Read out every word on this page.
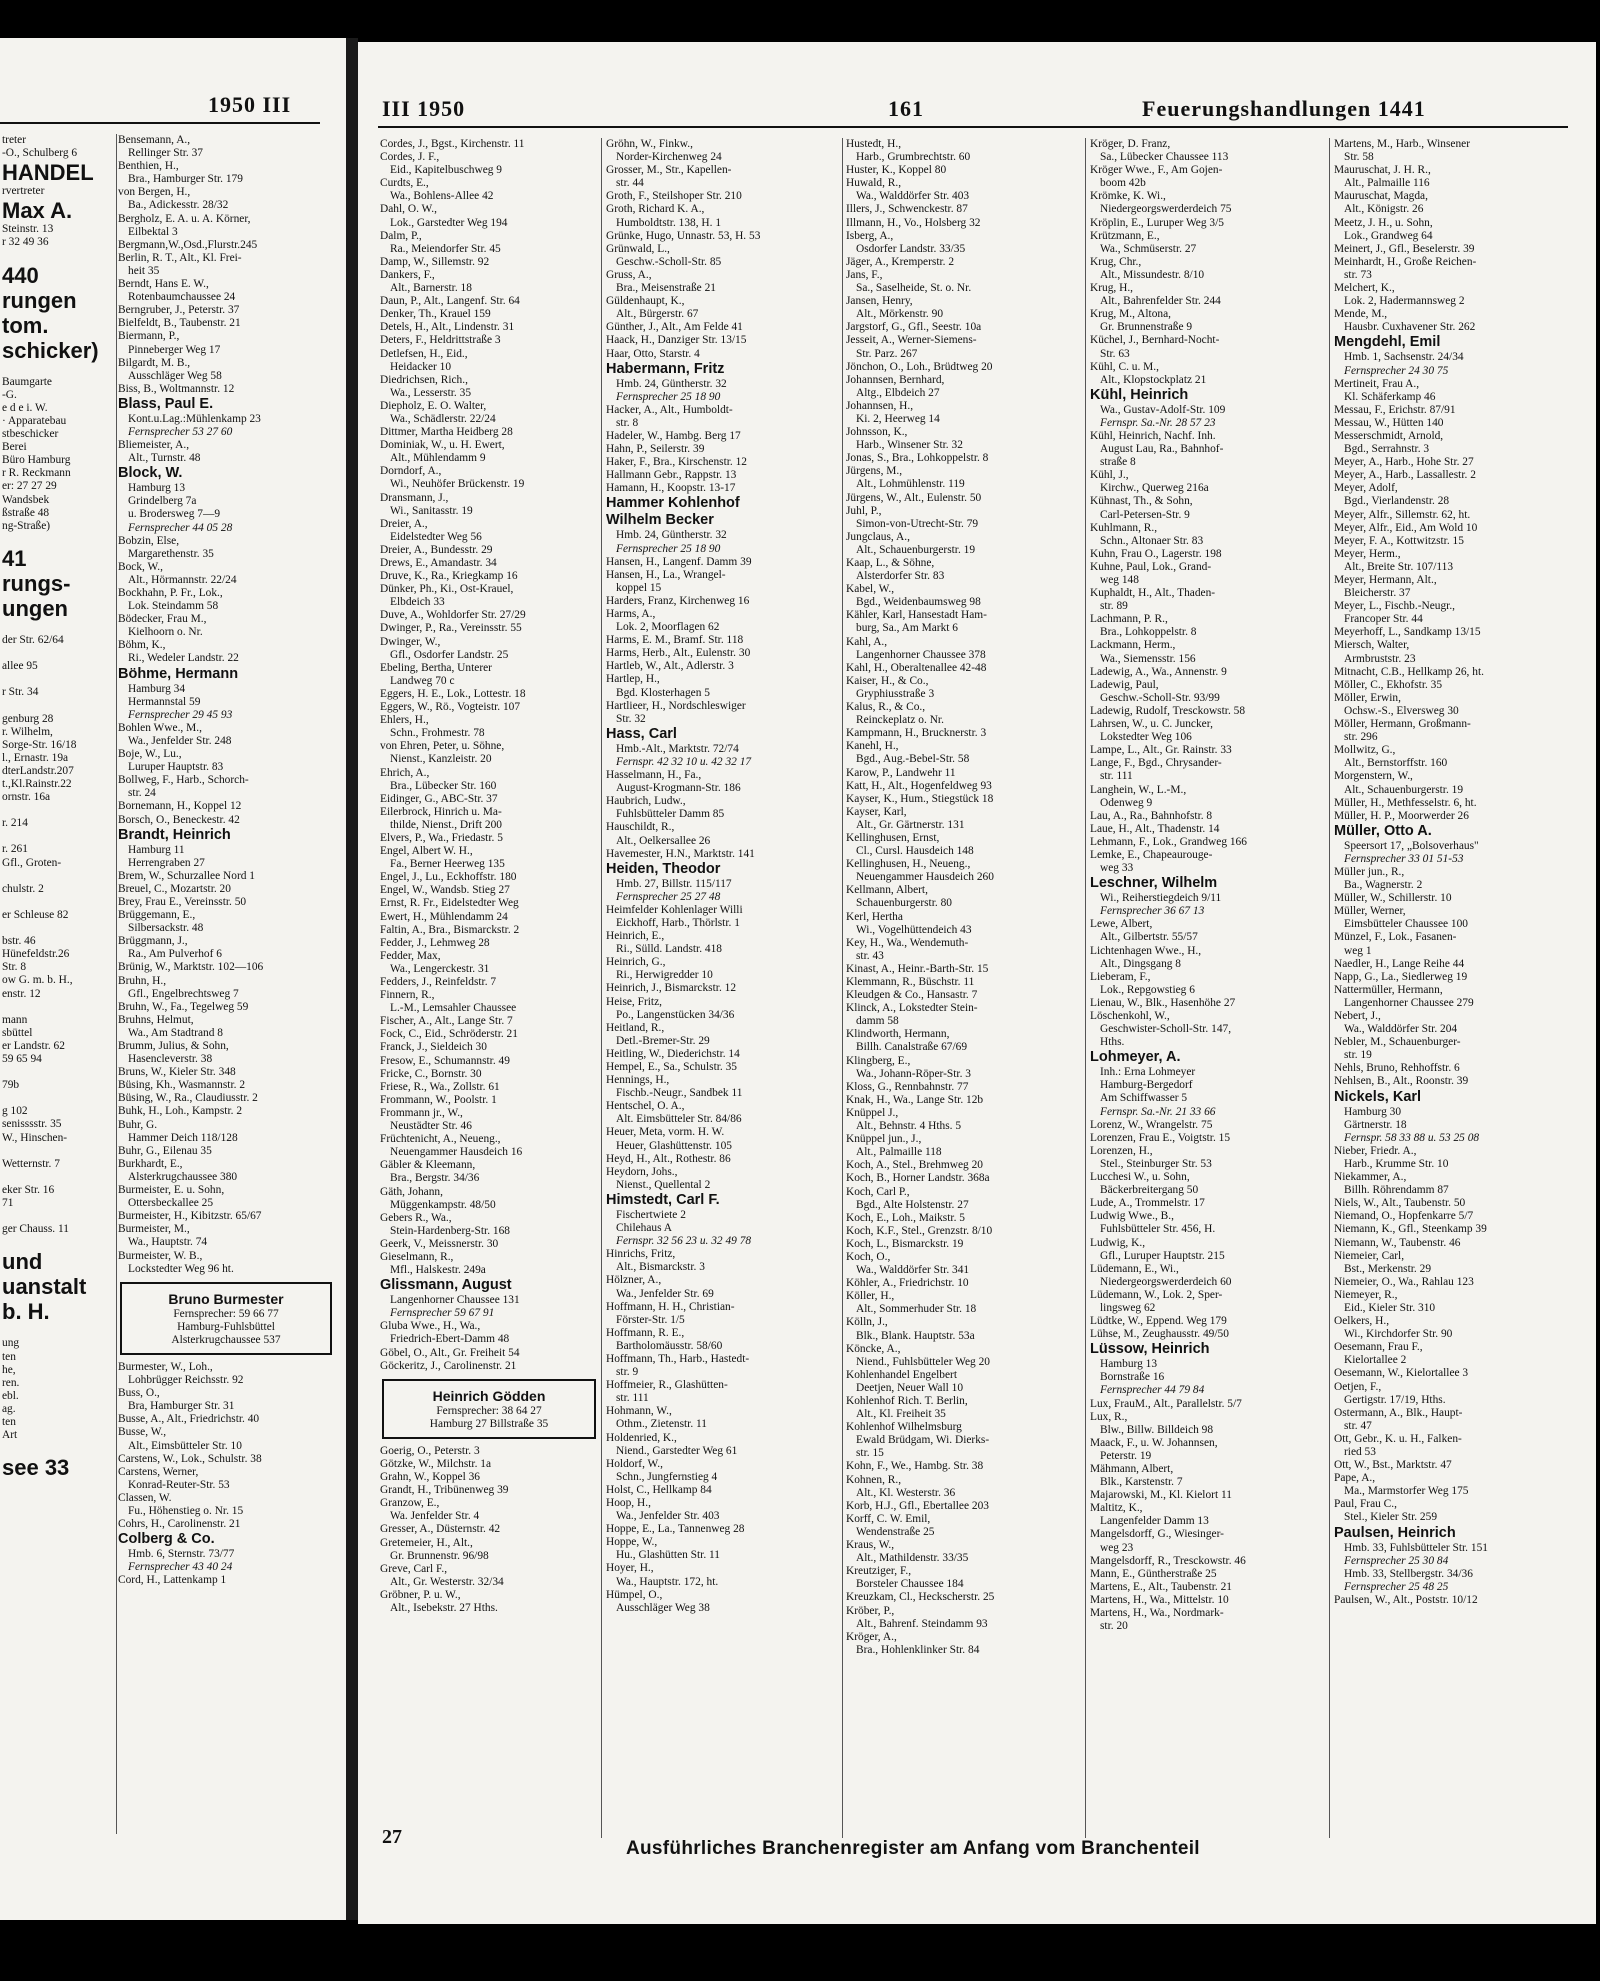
1950 III
treter
-O., Schulberg 6
HANDEL
rvertreter
Max A.
Steinstr. 13
r 32 49 36

440
rungen
tom.
schicker)

Baumgarte
-G.
e d e i. W.
· Apparatebau
stbeschicker
Berei
Büro Hamburg
r R. Reckmann
er: 27 27 29
Wandsbek
ßstraße 48
ng-Straße)

41
rungs-
ungen

der Str. 62/64

allee 95

r Str. 34

genburg 28
r. Wilhelm,
Sorge-Str. 16/18
l., Ernastr. 19a
dterLandstr.207
t.,Kl.Rainstr.22
ornstr. 16a

r. 214

r. 261
Gfl., Groten-

chulstr. 2

er Schleuse 82

bstr. 46
Hünefeldstr.26
Str. 8
ow G. m. b. H.,
enstr. 12

mann
sbüttel
er Landstr. 62
59 65 94

79b

g 102
senisssstr. 35
W., Hinschen-

Wetternstr. 7

eker Str. 16
71

ger Chauss. 11

und
uanstalt
b. H.

ung
ten
he,
ren.
ebl.
ag.
ten
Art

see 33
Bensemann, A.,
Rellinger Str. 37
Benthien, H.,
Bra., Hamburger Str. 179
von Bergen, H.,
Ba., Adickesstr. 28/32
Bergholz, E. A. u. A. Körner,
Eilbektal 3
Bergmann,W.,Osd.,Flurstr.245
Berlin, R. T., Alt., Kl. Frei-
heit 35
Berndt, Hans E. W.,
Rotenbaumchaussee 24
Berngruber, J., Peterstr. 37
Bielfeldt, B., Taubenstr. 21
Biermann, P.,
Pinneberger Weg 17
Bilgardt, M. B.,
Ausschläger Weg 58
Biss, B., Woltmannstr. 12
Blass, Paul E.
Kont.u.Lag.:Mühlenkamp 23
Fernsprecher 53 27 60
Bliemeister, A.,
Alt., Turnstr. 48
Block, W.
Hamburg 13
Grindelberg 7a
u. Brodersweg 7—9
Fernsprecher 44 05 28
Bobzin, Else,
Margarethenstr. 35
Bock, W.,
Alt., Hörmannstr. 22/24
Bockhahn, P. Fr., Lok.,
Lok. Steindamm 58
Bödecker, Frau M.,
Kielhoorn o. Nr.
Böhm, K.,
Ri., Wedeler Landstr. 22
Böhme, Hermann
Hamburg 34
Hermannstal 59
Fernsprecher 29 45 93
Bohlen Wwe., M.,
Wa., Jenfelder Str. 248
Boje, W., Lu.,
Luruper Hauptstr. 83
Bollweg, F., Harb., Schorch-
str. 24
Bornemann, H., Koppel 12
Borsch, O., Beneckestr. 42
Brandt, Heinrich
Hamburg 11
Herrengraben 27
Brem, W., Schurzallee Nord 1
Breuel, C., Mozartstr. 20
Brey, Frau E., Vereinsstr. 50
Brüggemann, E.,
Silbersackstr. 48
Brüggmann, J.,
Ra., Am Pulverhof 6
Brünig, W., Marktstr. 102—106
Bruhn, H.,
Gfl., Engelbrechtsweg 7
Bruhn, W., Fa., Tegelweg 59
Bruhns, Helmut,
Wa., Am Stadtrand 8
Brumm, Julius, & Sohn,
Hasencleverstr. 38
Bruns, W., Kieler Str. 348
Büsing, Kh., Wasmannstr. 2
Büsing, W., Ra., Claudiusstr. 2
Buhk, H., Loh., Kampstr. 2
Buhr, G.
Hammer Deich 118/128
Buhr, G., Eilenau 35
Burkhardt, E.,
Alsterkrugchaussee 380
Burmeister, E. u. Sohn,
Ottersbeckallee 25
Burmeister, H., Kibitzstr. 65/67
Burmeister, M.,
Wa., Hauptstr. 74
Burmeister, W. B.,
Lockstedter Weg 96 ht.
Bruno Burmester
Fernsprecher: 59 66 77
Hamburg-Fuhlsbüttel
Alsterkrugchaussee 537
Burmester, W., Loh.,
Lohbrügger Reichsstr. 92
Buss, O.,
Bra, Hamburger Str. 31
Busse, A., Alt., Friedrichstr. 40
Busse, W.,
Alt., Eimsbütteler Str. 10
Carstens, W., Lok., Schulstr. 38
Carstens, Werner,
Konrad-Reuter-Str. 53
Classen, W.
Fu., Höhenstieg o. Nr. 15
Cohrs, H., Carolinenstr. 21
Colberg & Co.
Hmb. 6, Sternstr. 73/77
Fernsprecher 43 40 24
Cord, H., Lattenkamp 1
III 1950	161	Feuerungshandlungen 1441
Cordes, J., Bgst., Kirchenstr. 11
Cordes, J. F.,
Eid., Kapitelbuschweg 9
Curdts, E.,
Wa., Bohlens-Allee 42
Dahl, O. W.,
Lok., Garstedter Weg 194
Dalm, P.,
Ra., Meiendorfer Str. 45
Damp, W., Sillemstr. 92
Dankers, F.,
Alt., Barnerstr. 18
Daun, P., Alt., Langenf. Str. 64
Denker, Th., Krauel 159
Detels, H., Alt., Lindenstr. 31
Deters, F., Heldrittstraße 3
Detlefsen, H., Eid.,
Heidacker 10
Diedrichsen, Rich.,
Wa., Lesserstr. 35
Diepholz, E. O. Walter,
Wa., Schädlerstr. 22/24
Dittmer, Martha Heidberg 28
Dominiak, W., u. H. Ewert,
Alt., Mühlendamm 9
Dorndorf, A.,
Wi., Neuhöfer Brückenstr. 19
Dransmann, J.,
Wi., Sanitasstr. 19
Dreier, A.,
Eidelstedter Weg 56
Dreier, A., Bundesstr. 29
Drews, E., Amandastr. 34
Druve, K., Ra., Kriegkamp 16
Dünker, Ph., Ki., Ost-Krauel,
Elbdeich 33
Duve, A., Wohldorfer Str. 27/29
Dwinger, P., Ra., Vereinsstr. 55
Dwinger, W.,
Gfl., Osdorfer Landstr. 25
Ebeling, Bertha, Unterer
Landweg 70 c
Eggers, H. E., Lok., Lottestr. 18
Eggers, W., Rö., Vogteistr. 107
Ehlers, H.,
Schn., Frohmestr. 78
von Ehren, Peter, u. Söhne,
Nienst., Kanzleistr. 20
Ehrich, A.,
Bra., Lübecker Str. 160
Eidinger, G., ABC-Str. 37
Eilerbrock, Hinrich u. Ma-
thilde, Nienst., Drift 200
Elvers, P., Wa., Friedastr. 5
Engel, Albert W. H.,
Fa., Berner Heerweg 135
Engel, J., Lu., Eckhoffstr. 180
Engel, W., Wandsb. Stieg 27
Ernst, R. Fr., Eidelstedter Weg
Ewert, H., Mühlendamm 24
Faltin, A., Bra., Bismarckstr. 2
Fedder, J., Lehmweg 28
Fedder, Max,
Wa., Lengerckestr. 31
Fedders, J., Reinfeldstr. 7
Finnern, R.,
L.-M., Lemsahler Chaussee
Fischer, A., Alt., Lange Str. 7
Fock, C., Eid., Schröderstr. 21
Franck, J., Sieldeich 30
Fresow, E., Schumannstr. 49
Fricke, C., Bornstr. 30
Friese, R., Wa., Zollstr. 61
Frommann, W., Poolstr. 1
Frommann jr., W.,
Neustädter Str. 46
Früchtenicht, A., Neueng.,
Neuengammer Hausdeich 16
Gäbler & Kleemann,
Bra., Bergstr. 34/36
Gäth, Johann,
Müggenkampstr. 48/50
Gebers R., Wa.,
Stein-Hardenberg-Str. 168
Geerk, V., Meissnerstr. 30
Gieselmann, R.,
Mfl., Halskestr. 249a
Glissmann, August
Langenhorner Chaussee 131
Fernsprecher 59 67 91
Gluba Wwe., H., Wa.,
Friedrich-Ebert-Damm 48
Göbel, O., Alt., Gr. Freiheit 54
Göckeritz, J., Carolinenstr. 21
Heinrich Gödden
Fernsprecher: 38 64 27
Hamburg 27 Billstraße 35
Goerig, O., Peterstr. 3
Götzke, W., Milchstr. 1a
Grahn, W., Koppel 36
Grandt, H., Tribünenweg 39
Granzow, E.,
Wa. Jenfelder Str. 4
Gresser, A., Düsternstr. 42
Gretemeier, H., Alt.,
Gr. Brunnenstr. 96/98
Greve, Carl F.,
Alt., Gr. Westerstr. 32/34
Gröbner, P. u. W.,
Alt., Isebekstr. 27 Hths.
Gröhn, W., Finkw.,
Norder-Kirchenweg 24
Grosser, M., Str., Kapellen-
str. 44
Groth, F., Steilshoper Str. 210
Groth, Richard K. A.,
Humboldtstr. 138, H. 1
Grünke, Hugo, Unnastr. 53, H. 53
Grünwald, L.,
Geschw.-Scholl-Str. 85
Gruss, A.,
Bra., Meisenstraße 21
Güldenhaupt, K.,
Alt., Bürgerstr. 67
Günther, J., Alt., Am Felde 41
Haack, H., Danziger Str. 13/15
Haar, Otto, Starstr. 4
Habermann, Fritz
Hmb. 24, Güntherstr. 32
Fernsprecher 25 18 90
Hacker, A., Alt., Humboldt-
str. 8
Hadeler, W., Hambg. Berg 17
Hahn, P., Seilerstr. 39
Haker, F., Bra., Kirschenstr. 12
Hallmann Gebr., Rappstr. 13
Hamann, H., Koopstr. 13-17
Hammer Kohlenhof
Wilhelm Becker
Hmb. 24, Güntherstr. 32
Fernsprecher 25 18 90
Hansen, H., Langenf. Damm 39
Hansen, H., La., Wrangel-
koppel 15
Harders, Franz, Kirchenweg 16
Harms, A.,
Lok. 2, Moorflagen 62
Harms, E. M., Bramf. Str. 118
Harms, Herb., Alt., Eulenstr. 30
Hartleb, W., Alt., Adlerstr. 3
Hartlep, H.,
Bgd. Klosterhagen 5
Hartlieer, H., Nordschleswiger
Str. 32
Hass, Carl
Hmb.-Alt., Marktstr. 72/74
Fernspr. 42 32 10 u. 42 32 17
Hasselmann, H., Fa.,
August-Krogmann-Str. 186
Haubrich, Ludw.,
Fuhlsbütteler Damm 85
Hauschildt, R.,
Alt., Oelkersallee 26
Havemester, H.N., Marktstr. 141
Heiden, Theodor
Hmb. 27, Billstr. 115/117
Fernsprecher 25 27 48
Heimfelder Kohlenlager Willi
Eickhoff, Harb., Thörlstr. 1
Heinrich, E.,
Ri., Sülld. Landstr. 418
Heinrich, G.,
Ri., Herwigredder 10
Heinrich, J., Bismarckstr. 12
Heise, Fritz,
Po., Langenstücken 34/36
Heitland, R.,
Detl.-Bremer-Str. 29
Heitling, W., Diederichstr. 14
Hempel, E., Sa., Schulstr. 35
Hennings, H.,
Fischb.-Neugr., Sandbek 11
Hentschel, O. A.,
Alt. Eimsbütteler Str. 84/86
Heuer, Meta, vorm. H. W.
Heuer, Glashüttenstr. 105
Heyd, H., Alt., Rothestr. 86
Heydorn, Johs.,
Nienst., Quellental 2
Himstedt, Carl F.
Fischertwiete 2
Chilehaus A
Fernspr. 32 56 23 u. 32 49 78
Hinrichs, Fritz,
Alt., Bismarckstr. 3
Hölzner, A.,
Wa., Jenfelder Str. 69
Hoffmann, H. H., Christian-
Förster-Str. 1/5
Hoffmann, R. E.,
Bartholomäusstr. 58/60
Hoffmann, Th., Harb., Hastedt-
str. 9
Hoffmeier, R., Glashütten-
str. 111
Hohmann, W.,
Othm., Zietenstr. 11
Holdenried, K.,
Niend., Garstedter Weg 61
Holdorf, W.,
Schn., Jungfernstieg 4
Holst, C., Hellkamp 84
Hoop, H.,
Wa., Jenfelder Str. 403
Hoppe, E., La., Tannenweg 28
Hoppe, W.,
Hu., Glashütten Str. 11
Hoyer, H.,
Wa., Hauptstr. 172, ht.
Hümpel, O.,
Ausschläger Weg 38
Hustedt, H.,
Harb., Grumbrechtstr. 60
Huster, K., Koppel 80
Huwald, R.,
Wa., Walddörfer Str. 403
Illers, J., Schwenckestr. 87
Illmann, H., Vo., Holsberg 32
Isberg, A.,
Osdorfer Landstr. 33/35
Jäger, A., Kremperstr. 2
Jans, F.,
Sa., Saselheide, St. o. Nr.
Jansen, Henry,
Alt., Mörkenstr. 90
Jargstorf, G., Gfl., Seestr. 10a
Jesseit, A., Werner-Siemens-
Str. Parz. 267
Jönchon, O., Loh., Brüdtweg 20
Johannsen, Bernhard,
Altg., Elbdeich 27
Johannsen, H.,
Ki. 2, Heerweg 14
Johnsson, K.,
Harb., Winsener Str. 32
Jonas, S., Bra., Lohkoppelstr. 8
Jürgens, M.,
Alt., Lohmühlenstr. 119
Jürgens, W., Alt., Eulenstr. 50
Juhl, P.,
Simon-von-Utrecht-Str. 79
Jungclaus, A.,
Alt., Schauenburgerstr. 19
Kaap, L., & Söhne,
Alsterdorfer Str. 83
Kabel, W.,
Bgd., Weidenbaumsweg 98
Kähler, Karl, Hansestadt Ham-
burg, Sa., Am Markt 6
Kahl, A.,
Langenhorner Chaussee 378
Kahl, H., Oberaltenallee 42-48
Kaiser, H., & Co.,
Gryphiusstraße 3
Kalus, R., & Co.,
Reinckeplatz o. Nr.
Kampmann, H., Brucknerstr. 3
Kanehl, H.,
Bgd., Aug.-Bebel-Str. 58
Karow, P., Landwehr 11
Katt, H., Alt., Hogenfeldweg 93
Kayser, K., Hum., Stiegstück 18
Kayser, Karl,
Alt., Gr. Gärtnerstr. 131
Kellinghusen, Ernst,
Cl., Cursl. Hausdeich 148
Kellinghusen, H., Neueng.,
Neuengammer Hausdeich 260
Kellmann, Albert,
Schauenburgerstr. 80
Kerl, Hertha
Wi., Vogelhüttendeich 43
Key, H., Wa., Wendemuth-
str. 43
Kinast, A., Heinr.-Barth-Str. 15
Klemmann, R., Büschstr. 11
Kleudgen & Co., Hansastr. 7
Klinck, A., Lokstedter Stein-
damm 58
Klindworth, Hermann,
Billh. Canalstraße 67/69
Klingberg, E.,
Wa., Johann-Röper-Str. 3
Kloss, G., Rennbahnstr. 77
Knak, H., Wa., Lange Str. 12b
Knüppel J.,
Alt., Behnstr. 4 Hths. 5
Knüppel jun., J.,
Alt., Palmaille 118
Koch, A., Stel., Brehmweg 20
Koch, B., Horner Landstr. 368a
Koch, Carl P.,
Bgd., Alte Holstenstr. 27
Koch, E., Loh., Maikstr. 5
Koch, K.F., Stel., Grenzstr. 8/10
Koch, L., Bismarckstr. 19
Koch, O.,
Wa., Walddörfer Str. 341
Köhler, A., Friedrichstr. 10
Köller, H.,
Alt., Sommerhuder Str. 18
Kölln, J.,
Blk., Blank. Hauptstr. 53a
Köncke, A.,
Niend., Fuhlsbütteler Weg 20
Kohlenhandel Engelbert
Deetjen, Neuer Wall 10
Kohlenhof Rich. T. Berlin,
Alt., Kl. Freiheit 35
Kohlenhof Wilhelmsburg
Ewald Brüdgam, Wi. Dierks-
str. 15
Kohn, F., We., Hambg. Str. 38
Kohnen, R.,
Alt., Kl. Westerstr. 36
Korb, H.J., Gfl., Ebertallee 203
Korff, C. W. Emil,
Wendenstraße 25
Kraus, W.,
Alt., Mathildenstr. 33/35
Kreutziger, F.,
Borsteler Chaussee 184
Kreuzkam, Cl., Heckscherstr. 25
Kröber, P.,
Alt., Bahrenf. Steindamm 93
Kröger, A.,
Bra., Hohlenklinker Str. 84
Kröger, D. Franz,
Sa., Lübecker Chaussee 113
Kröger Wwe., F., Am Gojen-
boom 42b
Krömke, K. Wi.,
Niedergeorgswerderdeich 75
Kröplin, E., Luruper Weg 3/5
Krützmann, E.,
Wa., Schmüserstr. 27
Krug, Chr.,
Alt., Missundestr. 8/10
Krug, H.,
Alt., Bahrenfelder Str. 244
Krug, M., Altona,
Gr. Brunnenstraße 9
Küchel, J., Bernhard-Nocht-
Str. 63
Kühl, C. u. M.,
Alt., Klopstockplatz 21
Kühl, Heinrich
Wa., Gustav-Adolf-Str. 109
Fernspr. Sa.-Nr. 28 57 23
Kühl, Heinrich, Nachf. Inh.
August Lau, Ra., Bahnhof-
straße 8
Kühl, J.,
Kirchw., Querweg 216a
Kühnast, Th., & Sohn,
Carl-Petersen-Str. 9
Kuhlmann, R.,
Schn., Altonaer Str. 83
Kuhn, Frau O., Lagerstr. 198
Kuhne, Paul, Lok., Grand-
weg 148
Kuphaldt, H., Alt., Thaden-
str. 89
Lachmann, P. R.,
Bra., Lohkoppelstr. 8
Lackmann, Herm.,
Wa., Siemensstr. 156
Ladewig, A., Wa., Annenstr. 9
Ladewig, Paul,
Geschw.-Scholl-Str. 93/99
Ladewig, Rudolf, Tresckowstr. 58
Lahrsen, W., u. C. Juncker,
Lokstedter Weg 106
Lampe, L., Alt., Gr. Rainstr. 33
Lange, F., Bgd., Chrysander-
str. 111
Langhein, W., L.-M.,
Odenweg 9
Lau, A., Ra., Bahnhofstr. 8
Laue, H., Alt., Thadenstr. 14
Lehmann, F., Lok., Grandweg 166
Lemke, E., Chapeaurouge-
weg 33
Leschner, Wilhelm
Wi., Reiherstiegdeich 9/11
Fernsprecher 36 67 13
Lewe, Albert,
Alt., Gilbertstr. 55/57
Lichtenhagen Wwe., H.,
Alt., Dingsgang 8
Lieberam, F.,
Lok., Repgowstieg 6
Lienau, W., Blk., Hasenhöhe 27
Löschenkohl, W.,
Geschwister-Scholl-Str. 147,
Hths.
Lohmeyer, A.
Inh.: Erna Lohmeyer
Hamburg-Bergedorf
Am Schiffwasser 5
Fernspr. Sa.-Nr. 21 33 66
Lorenz, W., Wrangelstr. 75
Lorenzen, Frau E., Voigtstr. 15
Lorenzen, H.,
Stel., Steinburger Str. 53
Lucchesi W., u. Sohn,
Bäckerbreitergang 50
Lude, A., Trommelstr. 17
Ludwig Wwe., B.,
Fuhlsbütteler Str. 456, H.
Ludwig, K.,
Gfl., Luruper Hauptstr. 215
Lüdemann, E., Wi.,
Niedergeorgswerderdeich 60
Lüdemann, W., Lok. 2, Sper-
lingsweg 62
Lüdtke, W., Eppend. Weg 179
Lühse, M., Zeughausstr. 49/50
Lüssow, Heinrich
Hamburg 13
Bornstraße 16
Fernsprecher 44 79 84
Lux, FrauM., Alt., Parallelstr. 5/7
Lux, R.,
Blw., Billw. Billdeich 98
Maack, F., u. W. Johannsen,
Peterstr. 19
Mähmann, Albert,
Blk., Karstenstr. 7
Majarowski, M., Kl. Kielort 11
Maltitz, K.,
Langenfelder Damm 13
Mangelsdorff, G., Wiesinger-
weg 23
Mangelsdorff, R., Tresckowstr. 46
Mann, E., Güntherstraße 25
Martens, E., Alt., Taubenstr. 21
Martens, H., Wa., Mittelstr. 10
Martens, H., Wa., Nordmark-
str. 20
Martens, M., Harb., Winsener
Str. 58
Mauruschat, J. H. R.,
Alt., Palmaille 116
Mauruschat, Magda,
Alt., Königstr. 26
Meetz, J. H., u. Sohn,
Lok., Grandweg 64
Meinert, J., Gfl., Beselerstr. 39
Meinhardt, H., Große Reichen-
str. 73
Melchert, K.,
Lok. 2, Hadermannsweg 2
Mende, M.,
Hausbr. Cuxhavener Str. 262
Mengdehl, Emil
Hmb. 1, Sachsenstr. 24/34
Fernsprecher 24 30 75
Mertineit, Frau A.,
Kl. Schäferkamp 46
Messau, F., Erichstr. 87/91
Messau, W., Hütten 140
Messerschmidt, Arnold,
Bgd., Serrahnstr. 3
Meyer, A., Harb., Hohe Str. 27
Meyer, A., Harb., Lassallestr. 2
Meyer, Adolf,
Bgd., Vierlandenstr. 28
Meyer, Alfr., Sillemstr. 62, ht.
Meyer, Alfr., Eid., Am Wold 10
Meyer, F. A., Kottwitzstr. 15
Meyer, Herm.,
Alt., Breite Str. 107/113
Meyer, Hermann, Alt.,
Bleicherstr. 37
Meyer, L., Fischb.-Neugr.,
Francoper Str. 44
Meyerhoff, L., Sandkamp 13/15
Miersch, Walter,
Armbruststr. 23
Mitnacht, C.B., Hellkamp 26, ht.
Möller, C., Ekhofstr. 35
Möller, Erwin,
Ochsw.-S., Elversweg 30
Möller, Hermann, Großmann-
str. 296
Mollwitz, G.,
Alt., Bernstorffstr. 160
Morgenstern, W.,
Alt., Schauenburgerstr. 19
Müller, H., Methfesselstr. 6, ht.
Müller, H. P., Moorwerder 26
Müller, Otto A.
Speersort 17, „Bolsoverhaus"
Fernsprecher 33 01 51-53
Müller jun., R.,
Ba., Wagnerstr. 2
Müller, W., Schillerstr. 10
Müller, Werner,
Eimsbütteler Chaussee 100
Münzel, F., Lok., Fasanen-
weg 1
Naedler, H., Lange Reihe 44
Napp, G., La., Siedlerweg 19
Nattermüller, Hermann,
Langenhorner Chaussee 279
Nebert, J.,
Wa., Walddörfer Str. 204
Nebler, M., Schauenburger-
str. 19
Nehls, Bruno, Rehhoffstr. 6
Nehlsen, B., Alt., Roonstr. 39
Nickels, Karl
Hamburg 30
Gärtnerstr. 18
Fernspr. 58 33 88 u. 53 25 08
Nieber, Friedr. A.,
Harb., Krumme Str. 10
Niekammer, A.,
Billh. Röhrendamm 87
Niels, W., Alt., Taubenstr. 50
Niemand, O., Hopfenkarre 5/7
Niemann, K., Gfl., Steenkamp 39
Niemann, W., Taubenstr. 46
Niemeier, Carl,
Bst., Merkenstr. 29
Niemeier, O., Wa., Rahlau 123
Niemeyer, R.,
Eid., Kieler Str. 310
Oelkers, H.,
Wi., Kirchdorfer Str. 90
Oesemann, Frau F.,
Kielortallee 2
Oesemann, W., Kielortallee 3
Oetjen, F.,
Gertigstr. 17/19, Hths.
Ostermann, A., Blk., Haupt-
str. 47
Ott, Gebr., K. u. H., Falken-
ried 53
Ott, W., Bst., Marktstr. 47
Pape, A.,
Ma., Marmstorfer Weg 175
Paul, Frau C.,
Stel., Kieler Str. 259
Paulsen, Heinrich
Hmb. 33, Fuhlsbütteler Str. 151
Fernsprecher 25 30 84
Hmb. 33, Stellbergstr. 34/36
Fernsprecher 25 48 25
Paulsen, W., Alt., Poststr. 10/12
27
Ausführliches Branchenregister am Anfang vom Branchenteil
